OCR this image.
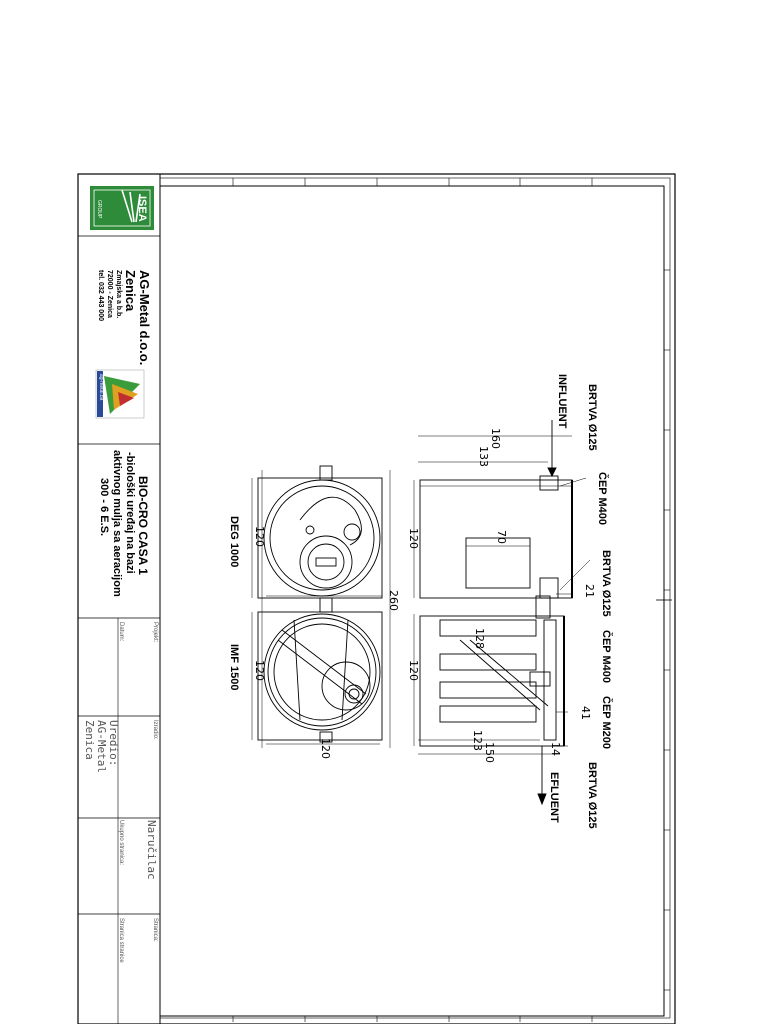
AG-Metal d.o.o.
Zenica
Zmajska a b.b.
72000 - Zenica
tel. 032 443 000
ISEA
GROUP
ag-metal.ba
BIO-CRO CASA 1
-biološki uređaj na bazi
aktivnog mulja sa aeracijom
300 - 6 E.S.
Projekt:
Datum:
Izradio:
Uredio:
AG-Metal
Zenica
Naručilac
Ukupno stranica:
Stranica:
Stranica stranice
DEG 1000
IMF 1500
BRTVA Ø125
INFLUENT
ČEP M400
BRTVA Ø125
ČEP M400
ČEP M200
BRTVA Ø125
EFLUENT
160
133
70
120
21
128
120
41
123
150	14
260
120
120
120
